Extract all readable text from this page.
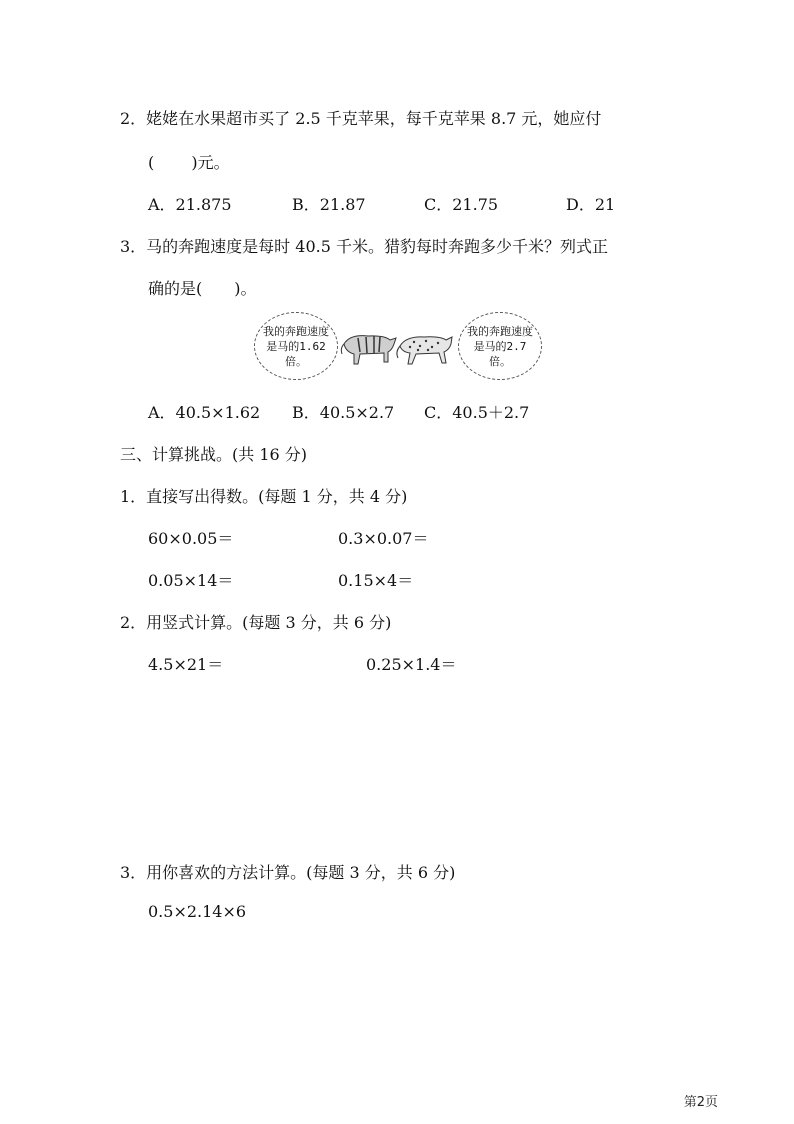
2．姥姥在水果超市买了 2.5 千克苹果，每千克苹果 8.7 元，她应付
(　　 )元。
A．21.875	B．21.87	C．21.75	D．21
3．马的奔跑速度是每时 40.5 千米。猎豹每时奔跑多少千米？列式正
确的是(　　)。
我的奔跑速度是马的1.62倍。
我的奔跑速度是马的2.7倍。
A．40.5×1.62 B．40.5×2.7 C．40.5＋2.7
三、计算挑战。(共 16 分)
1．直接写出得数。(每题 1 分，共 4 分)
60×0.05＝	0.3×0.07＝
0.05×14＝	0.15×4＝
2．用竖式计算。(每题 3 分，共 6 分)
4.5×21＝	0.25×1.4＝
3．用你喜欢的方法计算。(每题 3 分，共 6 分)
0.5×2.14×6
第2页
